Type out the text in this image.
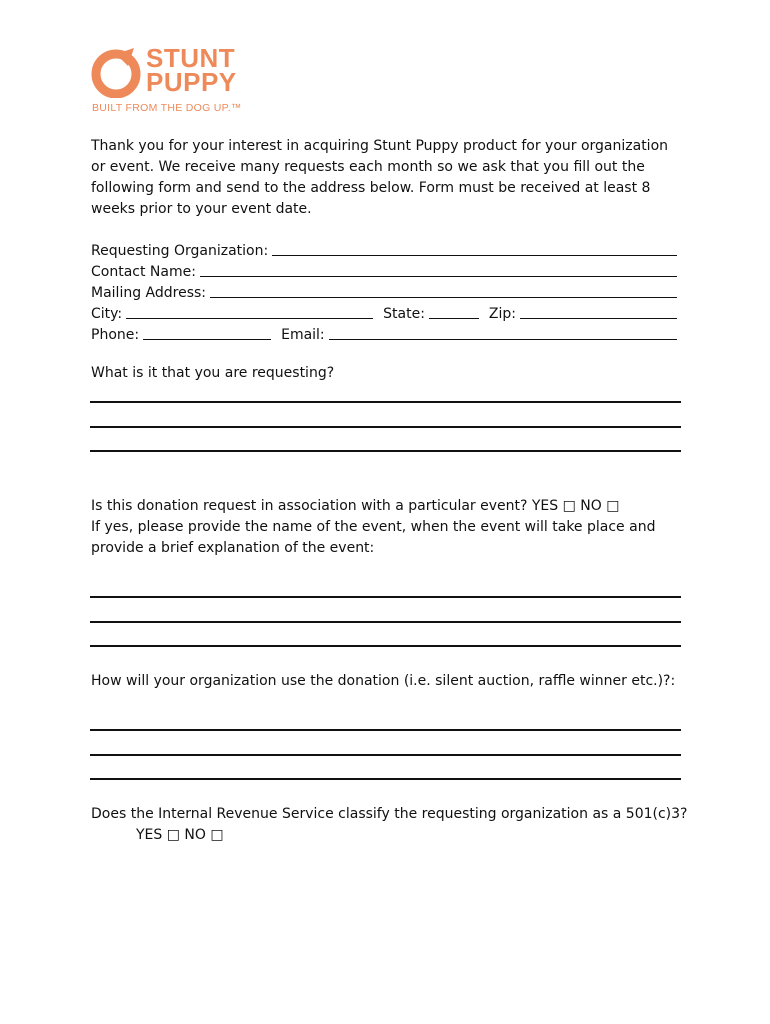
STUNT
PUPPY
BUILT FROM THE DOG UP.™
Thank you for your interest in acquiring Stunt Puppy product for your organization or event. We receive many requests each month so we ask that you fill out the following form and send to the address below. Form must be received at least 8 weeks prior to your event date.
Requesting Organization:
Contact Name:
Mailing Address:
City:	State:	Zip:
Phone:	Email:
What is it that you are requesting?
Is this donation request in association with a particular event? YES □ NO □
If yes, please provide the name of the event, when the event will take place and provide a brief explanation of the event:
How will your organization use the donation (i.e. silent auction, raffle winner etc.)?:
Does the Internal Revenue Service classify the requesting organization as a 501(c)3?
YES □ NO □
